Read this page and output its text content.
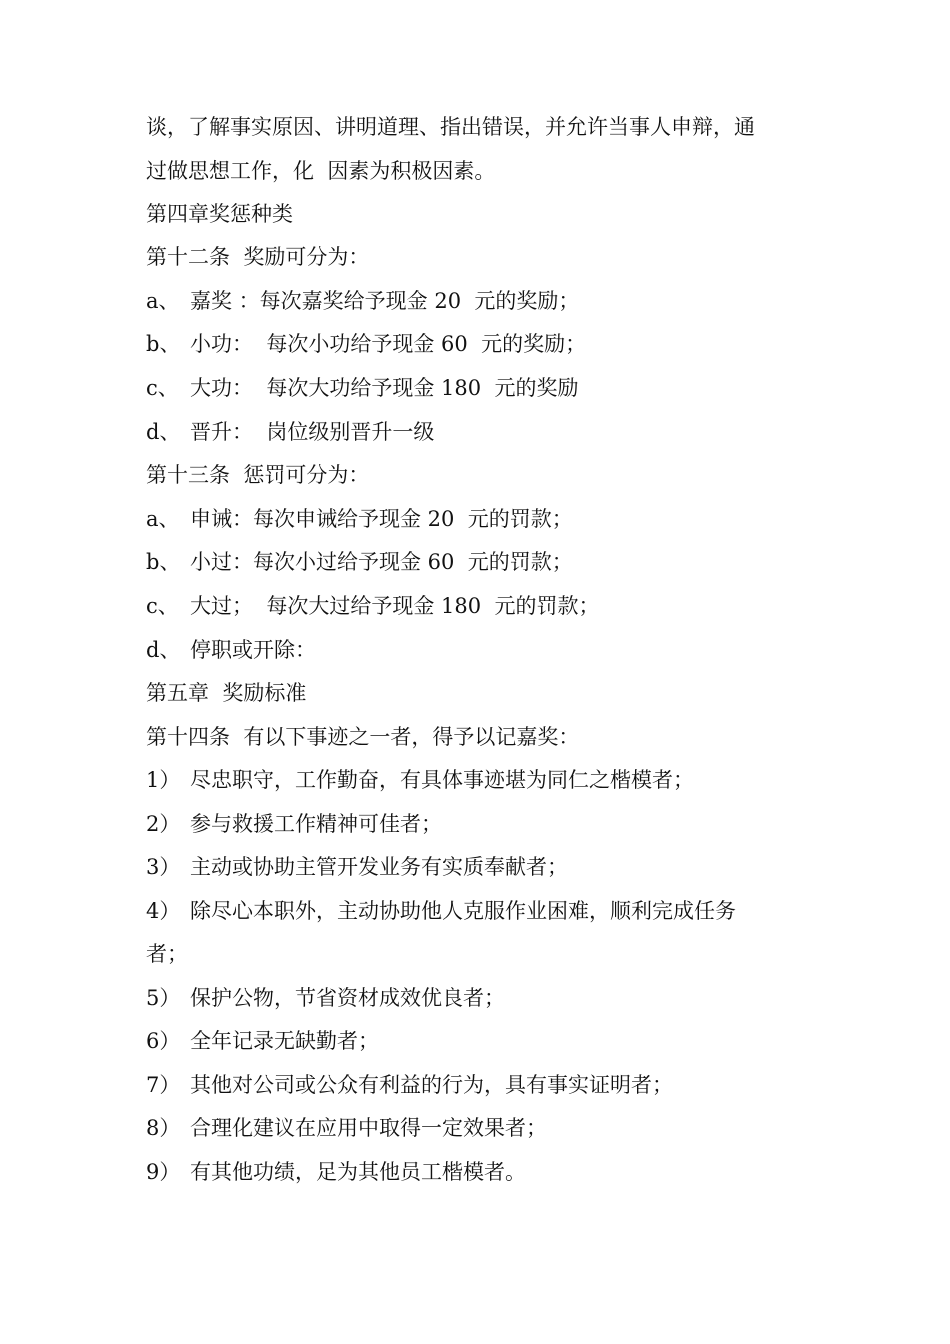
谈，了解事实原因、讲明道理、指出错误，并允许当事人申辩，通
过做思想工作，化  因素为积极因素。
第四章奖惩种类
第十二条  奖励可分为：
a、 嘉奖 ：每次嘉奖给予现金 20  元的奖励；
b、 小功：  每次小功给予现金 60  元的奖励；
c、 大功：  每次大功给予现金 180  元的奖励
d、 晋升：  岗位级别晋升一级
第十三条  惩罚可分为：
a、 申诫：每次申诫给予现金 20  元的罚款；
b、 小过：每次小过给予现金 60  元的罚款；
c、 大过；  每次大过给予现金 180  元的罚款；
d、 停职或开除：
第五章  奖励标准
第十四条  有以下事迹之一者，得予以记嘉奖：
1） 尽忠职守，工作勤奋，有具体事迹堪为同仁之楷模者；
2） 参与救援工作精神可佳者；
3） 主动或协助主管开发业务有实质奉献者；
4） 除尽心本职外，主动协助他人克服作业困难，顺利完成任务
者；
5） 保护公物，节省资材成效优良者；
6） 全年记录无缺勤者；
7） 其他对公司或公众有利益的行为，具有事实证明者；
8） 合理化建议在应用中取得一定效果者；
9） 有其他功绩，足为其他员工楷模者。
